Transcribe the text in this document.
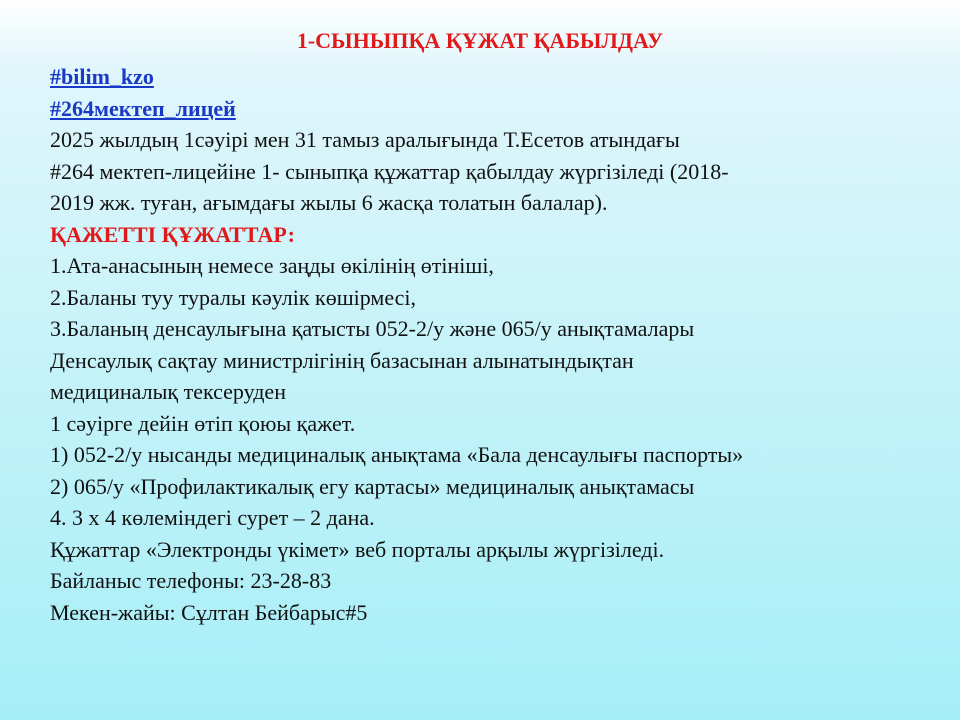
1-СЫНЫПҚА ҚҰЖАТ ҚАБЫЛДАУ
#bilim_kzo
#264мектеп_лицей
2025 жылдың 1сәуірі мен 31 тамыз аралығында Т.Есетов атындағы
#264 мектеп-лицейіне 1- сыныпқа құжаттар қабылдау жүргізіледі (2018-
2019 жж. туған, ағымдағы жылы 6 жасқа толатын балалар).
ҚАЖЕТТІ ҚҰЖАТТАР:
1.Ата-анасының немесе заңды өкілінің өтініші,
2.Баланы туу туралы кәулік көшірмесі,
3.Баланың денсаулығына қатысты 052-2/у және 065/у анықтамалары
Денсаулық сақтау министрлігінің базасынан алынатындықтан
медициналық тексеруден
1 сәуірге дейін өтіп қоюы қажет.
1) 052-2/у нысанды медициналық анықтама «Бала денсаулығы паспорты»
2) 065/у «Профилактикалық егу картасы» медициналық анықтамасы
4. 3 х 4 көлеміндегі сурет – 2 дана.
Құжаттар «Электронды үкімет» веб порталы арқылы жүргізіледі.
Байланыс телефоны: 23-28-83
Мекен-жайы: Сұлтан Бейбарыс#5
